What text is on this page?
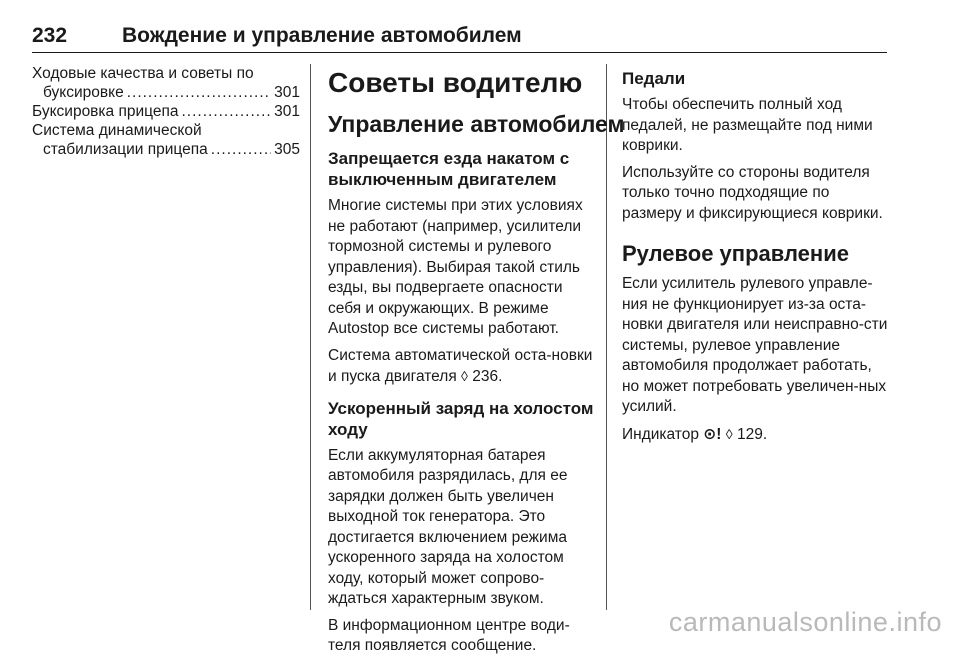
232	Вождение и управление автомобилем
Ходовые качества и советы по
буксировке .....	301
Буксировка прицепа .....	301
Система динамической
стабилизации прицепа .....	305
Советы водителю
Управление автомобилем
Запрещается езда накатом с выключенным двигателем

Многие системы при этих условиях не работают (например, усилители тормозной системы и рулевого управления). Выбирая такой стиль езды, вы подвергаете опасности себя и окружающих. В режиме Autostop все системы работают.

Система автоматической оста-новки и пуска двигателя ◊ 236.

Ускоренный заряд на холостом ходу

Если аккумуляторная батарея автомобиля разрядилась, для ее зарядки должен быть увеличен выходной ток генератора. Это достигается включением режима ускоренного заряда на холостом ходу, который может сопрово-ждаться характерным звуком.

В информационном центре води-теля появляется сообщение.

Педали

Чтобы обеспечить полный ход педалей, не размещайте под ними коврики.

Используйте со стороны водителя только точно подходящие по размеру и фиксирующиеся коврики.

Рулевое управление

Если усилитель рулевого управле-ния не функционирует из-за оста-новки двигателя или неисправно-сти системы, рулевое управление автомобиля продолжает работать, но может потребовать увеличен-ных усилий.

Индикатор ⊙! ◊ 129.

carmanualsonline.info
